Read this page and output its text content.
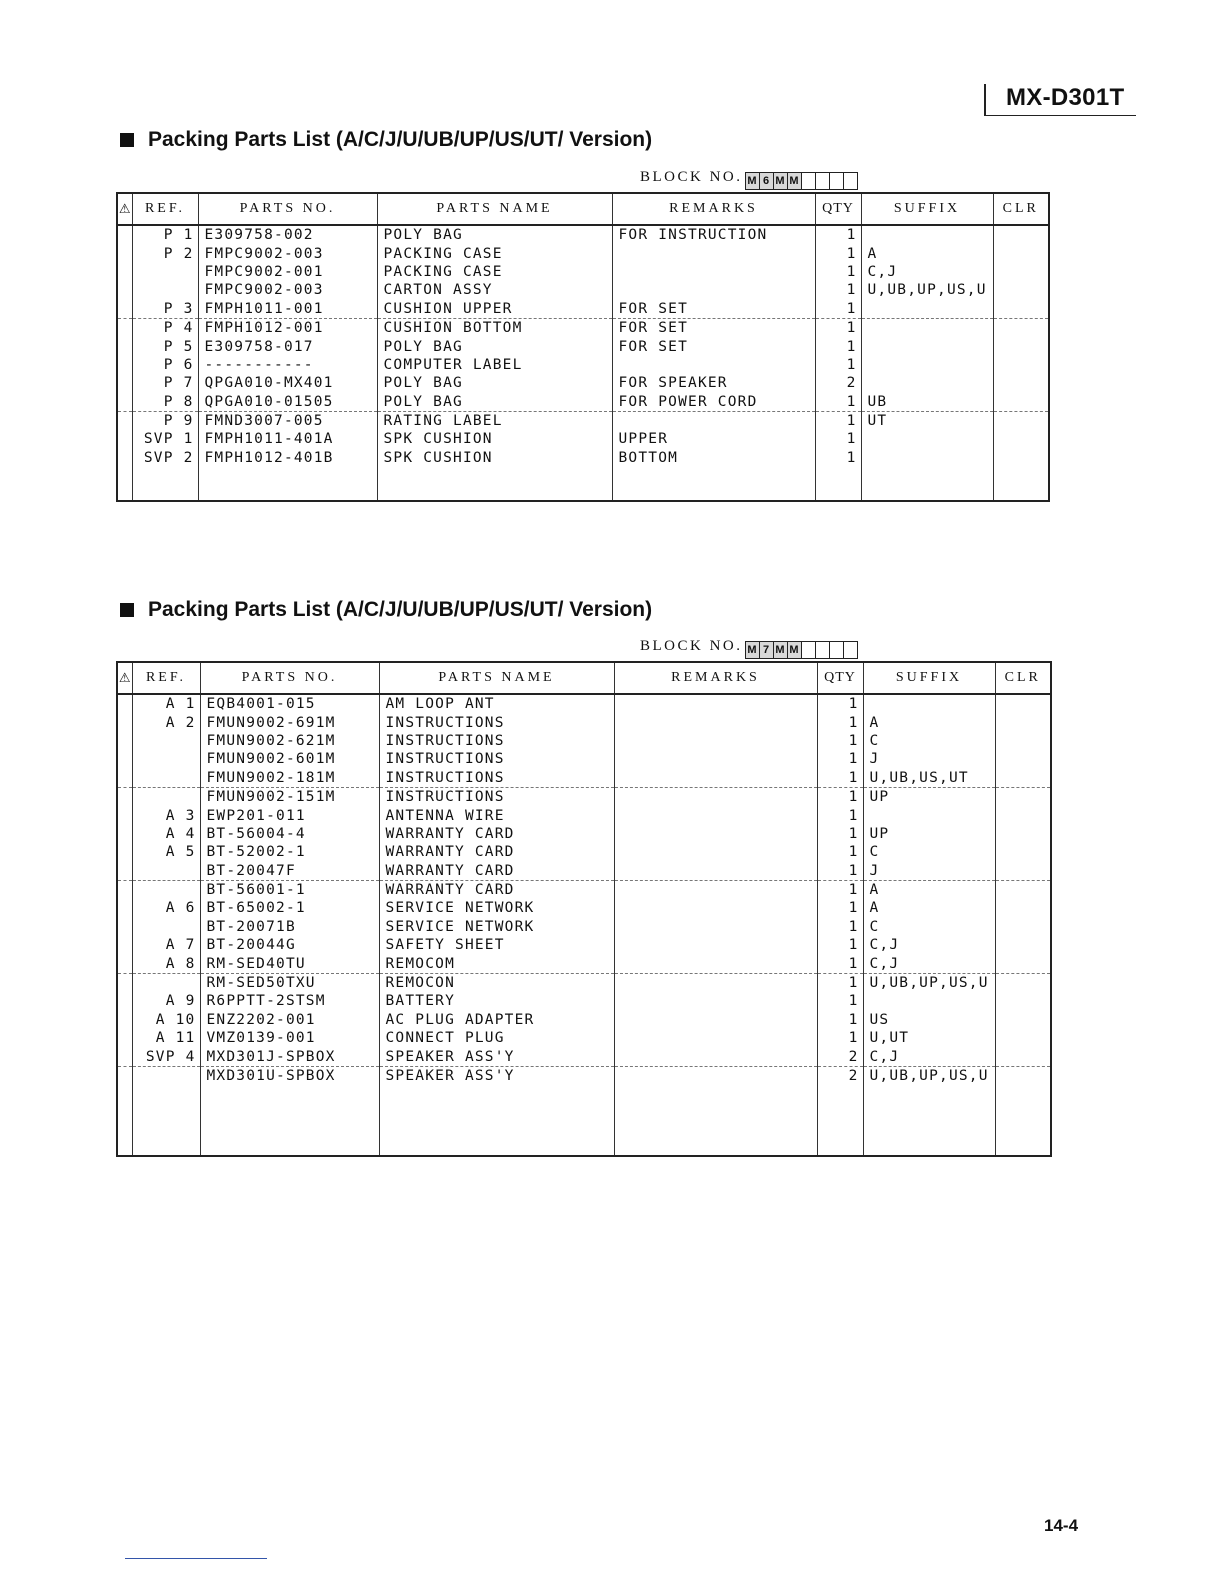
MX-D301T
Packing Parts List (A/C/J/U/UB/UP/US/UT/ Version)
BLOCK NO. M 6 M M
⚠	REF.	PARTS NO.	PARTS NAME	REMARKS	QTY	SUFFIX	CLR
	P 1	E309758-002	POLY BAG	FOR INSTRUCTION	1		
	P 2	FMPC9002-003	PACKING CASE		1	A	
		FMPC9002-001	PACKING CASE		1	C,J	
		FMPC9002-003	CARTON ASSY		1	U,UB,UP,US,U	
	P 3	FMPH1011-001	CUSHION UPPER	FOR SET	1		
	P 4	FMPH1012-001	CUSHION BOTTOM	FOR SET	1		
	P 5	E309758-017	POLY BAG	FOR SET	1		
	P 6	-----------	COMPUTER LABEL		1		
	P 7	QPGA010-MX401	POLY BAG	FOR SPEAKER	2		
	P 8	QPGA010-01505	POLY BAG	FOR POWER CORD	1	UB	
	P 9	FMND3007-005	RATING LABEL		1	UT	
	SVP 1	FMPH1011-401A	SPK CUSHION	UPPER	1		
	SVP 2	FMPH1012-401B	SPK CUSHION	BOTTOM	1		

Packing Parts List (A/C/J/U/UB/UP/US/UT/ Version)
BLOCK NO. M 7 M M
⚠	REF.	PARTS NO.	PARTS NAME	REMARKS	QTY	SUFFIX	CLR
	A 1	EQB4001-015	AM LOOP ANT		1		
	A 2	FMUN9002-691M	INSTRUCTIONS		1	A	
		FMUN9002-621M	INSTRUCTIONS		1	C	
		FMUN9002-601M	INSTRUCTIONS		1	J	
		FMUN9002-181M	INSTRUCTIONS		1	U,UB,US,UT	
		FMUN9002-151M	INSTRUCTIONS		1	UP	
	A 3	EWP201-011	ANTENNA WIRE		1		
	A 4	BT-56004-4	WARRANTY CARD		1	UP	
	A 5	BT-52002-1	WARRANTY CARD		1	C	
		BT-20047F	WARRANTY CARD		1	J	
		BT-56001-1	WARRANTY CARD		1	A	
	A 6	BT-65002-1	SERVICE NETWORK		1	A	
		BT-20071B	SERVICE NETWORK		1	C	
	A 7	BT-20044G	SAFETY SHEET		1	C,J	
	A 8	RM-SED40TU	REMOCOM		1	C,J	
		RM-SED50TXU	REMOCON		1	U,UB,UP,US,U	
	A 9	R6PPTT-2STSM	BATTERY		1		
	A 10	ENZ2202-001	AC PLUG ADAPTER		1	US	
	A 11	VMZ0139-001	CONNECT PLUG		1	U,UT	
	SVP 4	MXD301J-SPBOX	SPEAKER ASS'Y		2	C,J	
		MXD301U-SPBOX	SPEAKER ASS'Y		2	U,UB,UP,US,U	

14-4
